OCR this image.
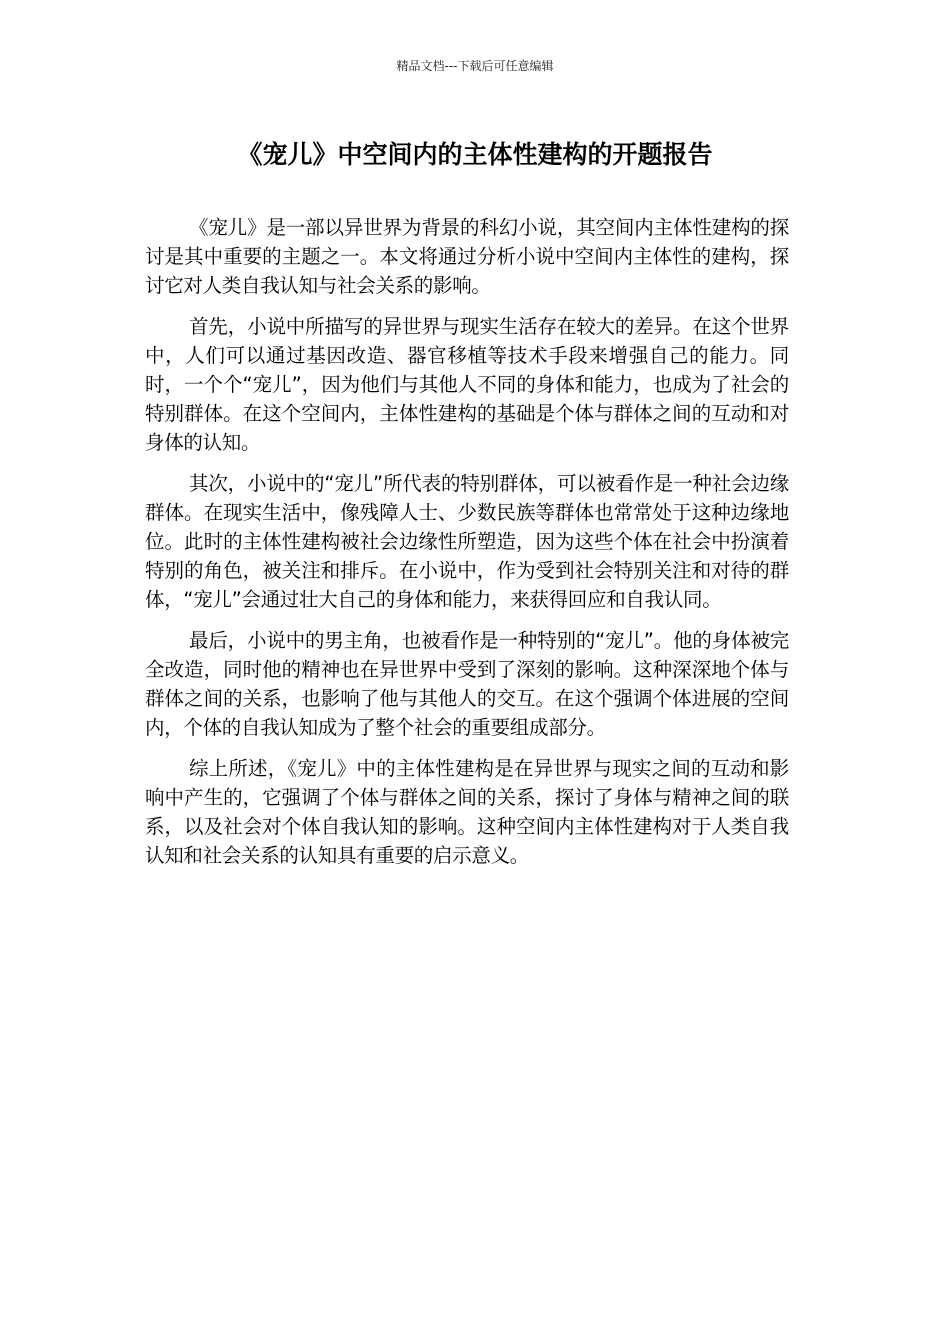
精品文档---下载后可任意编辑
《宠儿》中空间内的主体性建构的开题报告

《宠儿》是一部以异世界为背景的科幻小说，其空间内主体性建构的探讨是其中重要的主题之一。本文将通过分析小说中空间内主体性的建构，探讨它对人类自我认知与社会关系的影响。

首先，小说中所描写的异世界与现实生活存在较大的差异。在这个世界中，人们可以通过基因改造、器官移植等技术手段来增强自己的能力。同时，一个个“宠儿”，因为他们与其他人不同的身体和能力，也成为了社会的特别群体。在这个空间内，主体性建构的基础是个体与群体之间的互动和对身体的认知。

其次，小说中的“宠儿”所代表的特别群体，可以被看作是一种社会边缘群体。在现实生活中，像残障人士、少数民族等群体也常常处于这种边缘地位。此时的主体性建构被社会边缘性所塑造，因为这些个体在社会中扮演着特别的角色，被关注和排斥。在小说中，作为受到社会特别关注和对待的群体，“宠儿”会通过壮大自己的身体和能力，来获得回应和自我认同。

最后，小说中的男主角，也被看作是一种特别的“宠儿”。他的身体被完全改造，同时他的精神也在异世界中受到了深刻的影响。这种深深地个体与群体之间的关系，也影响了他与其他人的交互。在这个强调个体进展的空间内，个体的自我认知成为了整个社会的重要组成部分。

综上所述，《宠儿》中的主体性建构是在异世界与现实之间的互动和影响中产生的，它强调了个体与群体之间的关系，探讨了身体与精神之间的联系，以及社会对个体自我认知的影响。这种空间内主体性建构对于人类自我认知和社会关系的认知具有重要的启示意义。
